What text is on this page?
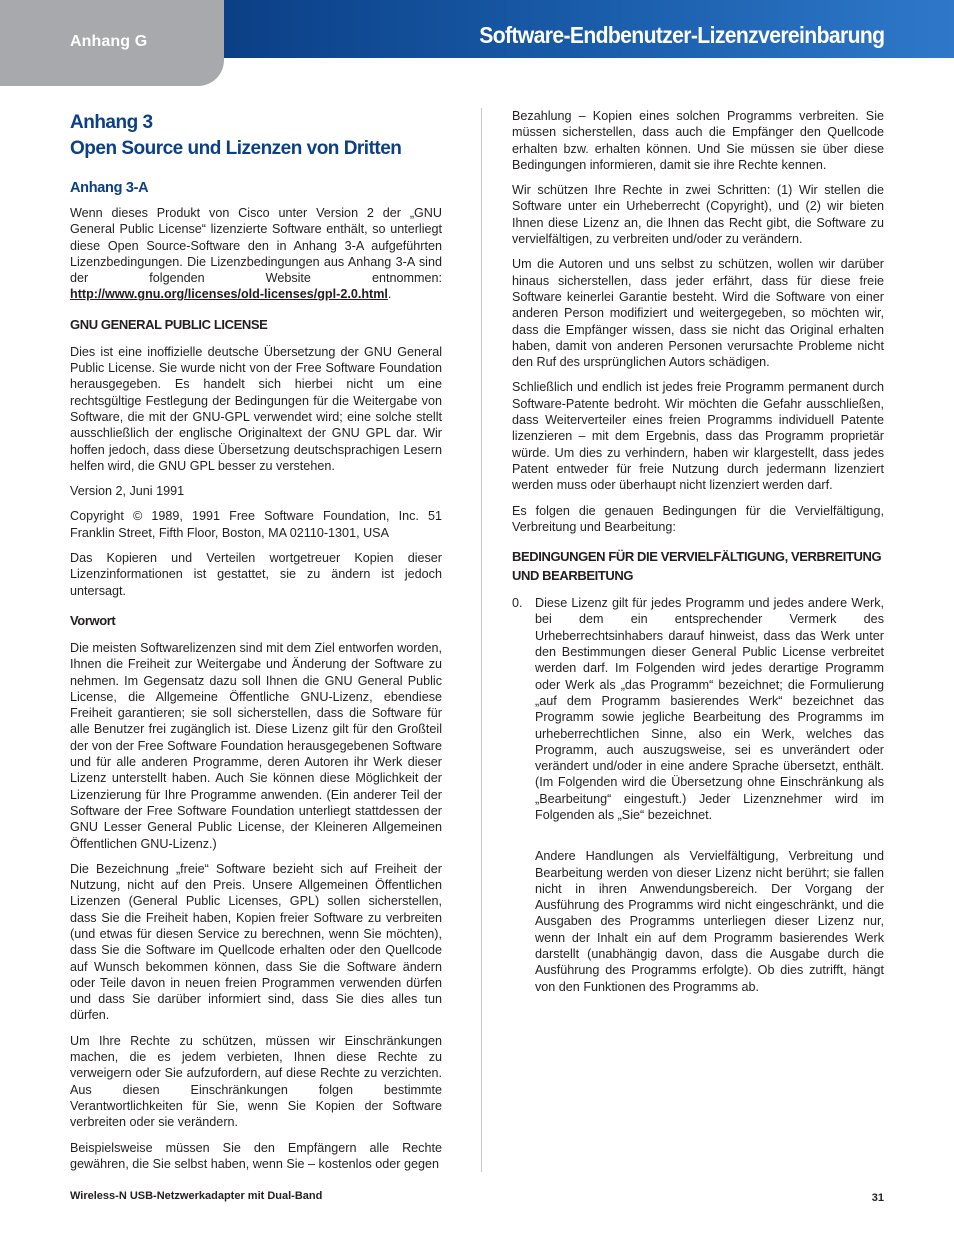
Anhang G	Software-Endbenutzer-Lizenzvereinbarung
Anhang 3
Open Source und Lizenzen von Dritten
Anhang 3-A

Wenn dieses Produkt von Cisco unter Version 2 der „GNU General Public License“ lizenzierte Software enthält, so unterliegt diese Open Source-Software den in Anhang 3-A aufgeführten Lizenzbedingungen. Die Lizenzbedingungen aus Anhang 3-A sind der folgenden Website entnommen: http://www.gnu.org/licenses/old-licenses/gpl-2.0.html.

GNU GENERAL PUBLIC LICENSE

Dies ist eine inoffizielle deutsche Übersetzung der GNU General Public License. Sie wurde nicht von der Free Software Foundation herausgegeben. Es handelt sich hierbei nicht um eine rechtsgültige Festlegung der Bedingungen für die Weitergabe von Software, die mit der GNU-GPL verwendet wird; eine solche stellt ausschließlich der englische Originaltext der GNU GPL dar. Wir hoffen jedoch, dass diese Übersetzung deutschsprachigen Lesern helfen wird, die GNU GPL besser zu verstehen.

Version 2, Juni 1991

Copyright © 1989, 1991 Free Software Foundation, Inc. 51 Franklin Street, Fifth Floor, Boston, MA 02110-1301, USA

Das Kopieren und Verteilen wortgetreuer Kopien dieser Lizenzinformationen ist gestattet, sie zu ändern ist jedoch untersagt.

Vorwort

Die meisten Softwarelizenzen sind mit dem Ziel entworfen worden, Ihnen die Freiheit zur Weitergabe und Änderung der Software zu nehmen. Im Gegensatz dazu soll Ihnen die GNU General Public License, die Allgemeine Öffentliche GNU-Lizenz, ebendiese Freiheit garantieren; sie soll sicherstellen, dass die Software für alle Benutzer frei zugänglich ist. Diese Lizenz gilt für den Großteil der von der Free Software Foundation herausgegebenen Software und für alle anderen Programme, deren Autoren ihr Werk dieser Lizenz unterstellt haben. Auch Sie können diese Möglichkeit der Lizenzierung für Ihre Programme anwenden. (Ein anderer Teil der Software der Free Software Foundation unterliegt stattdessen der GNU Lesser General Public License, der Kleineren Allgemeinen Öffentlichen GNU-Lizenz.)

Die Bezeichnung „freie“ Software bezieht sich auf Freiheit der Nutzung, nicht auf den Preis. Unsere Allgemeinen Öffentlichen Lizenzen (General Public Licenses, GPL) sollen sicherstellen, dass Sie die Freiheit haben, Kopien freier Software zu verbreiten (und etwas für diesen Service zu berechnen, wenn Sie möchten), dass Sie die Software im Quellcode erhalten oder den Quellcode auf Wunsch bekommen können, dass Sie die Software ändern oder Teile davon in neuen freien Programmen verwenden dürfen und dass Sie darüber informiert sind, dass Sie dies alles tun dürfen.

Um Ihre Rechte zu schützen, müssen wir Einschränkungen machen, die es jedem verbieten, Ihnen diese Rechte zu verweigern oder Sie aufzufordern, auf diese Rechte zu verzichten. Aus diesen Einschränkungen folgen bestimmte Verantwortlichkeiten für Sie, wenn Sie Kopien der Software verbreiten oder sie verändern.

Beispielsweise müssen Sie den Empfängern alle Rechte gewähren, die Sie selbst haben, wenn Sie – kostenlos oder gegen

Bezahlung – Kopien eines solchen Programms verbreiten. Sie müssen sicherstellen, dass auch die Empfänger den Quellcode erhalten bzw. erhalten können. Und Sie müssen sie über diese Bedingungen informieren, damit sie ihre Rechte kennen.

Wir schützen Ihre Rechte in zwei Schritten: (1) Wir stellen die Software unter ein Urheberrecht (Copyright), und (2) wir bieten Ihnen diese Lizenz an, die Ihnen das Recht gibt, die Software zu vervielfältigen, zu verbreiten und/oder zu verändern.

Um die Autoren und uns selbst zu schützen, wollen wir darüber hinaus sicherstellen, dass jeder erfährt, dass für diese freie Software keinerlei Garantie besteht. Wird die Software von einer anderen Person modifiziert und weitergegeben, so möchten wir, dass die Empfänger wissen, dass sie nicht das Original erhalten haben, damit von anderen Personen verursachte Probleme nicht den Ruf des ursprünglichen Autors schädigen.

Schließlich und endlich ist jedes freie Programm permanent durch Software-Patente bedroht. Wir möchten die Gefahr ausschließen, dass Weiterverteiler eines freien Programms individuell Patente lizenzieren – mit dem Ergebnis, dass das Programm proprietär würde. Um dies zu verhindern, haben wir klargestellt, dass jedes Patent entweder für freie Nutzung durch jedermann lizenziert werden muss oder überhaupt nicht lizenziert werden darf.

Es folgen die genauen Bedingungen für die Vervielfältigung, Verbreitung und Bearbeitung:

BEDINGUNGEN FÜR DIE VERVIELFÄLTIGUNG, VERBREITUNG UND BEARBEITUNG
0. Diese Lizenz gilt für jedes Programm und jedes andere Werk, bei dem ein entsprechender Vermerk des Urheberrechtsinhabers darauf hinweist, dass das Werk unter den Bestimmungen dieser General Public License verbreitet werden darf. Im Folgenden wird jedes derartige Programm oder Werk als „das Programm“ bezeichnet; die Formulierung „auf dem Programm basierendes Werk“ bezeichnet das Programm sowie jegliche Bearbeitung des Programms im urheberrechtlichen Sinne, also ein Werk, welches das Programm, auch auszugsweise, sei es unverändert oder verändert und/oder in eine andere Sprache übersetzt, enthält. (Im Folgenden wird die Übersetzung ohne Einschränkung als „Bearbeitung“ eingestuft.) Jeder Lizenznehmer wird im Folgenden als „Sie“ bezeichnet.

Andere Handlungen als Vervielfältigung, Verbreitung und Bearbeitung werden von dieser Lizenz nicht berührt; sie fallen nicht in ihren Anwendungsbereich. Der Vorgang der Ausführung des Programms wird nicht eingeschränkt, und die Ausgaben des Programms unterliegen dieser Lizenz nur, wenn der Inhalt ein auf dem Programm basierendes Werk darstellt (unabhängig davon, dass die Ausgabe durch die Ausführung des Programms erfolgte). Ob dies zutrifft, hängt von den Funktionen des Programms ab.

Wireless-N USB-Netzwerkadapter mit Dual-Band	31
